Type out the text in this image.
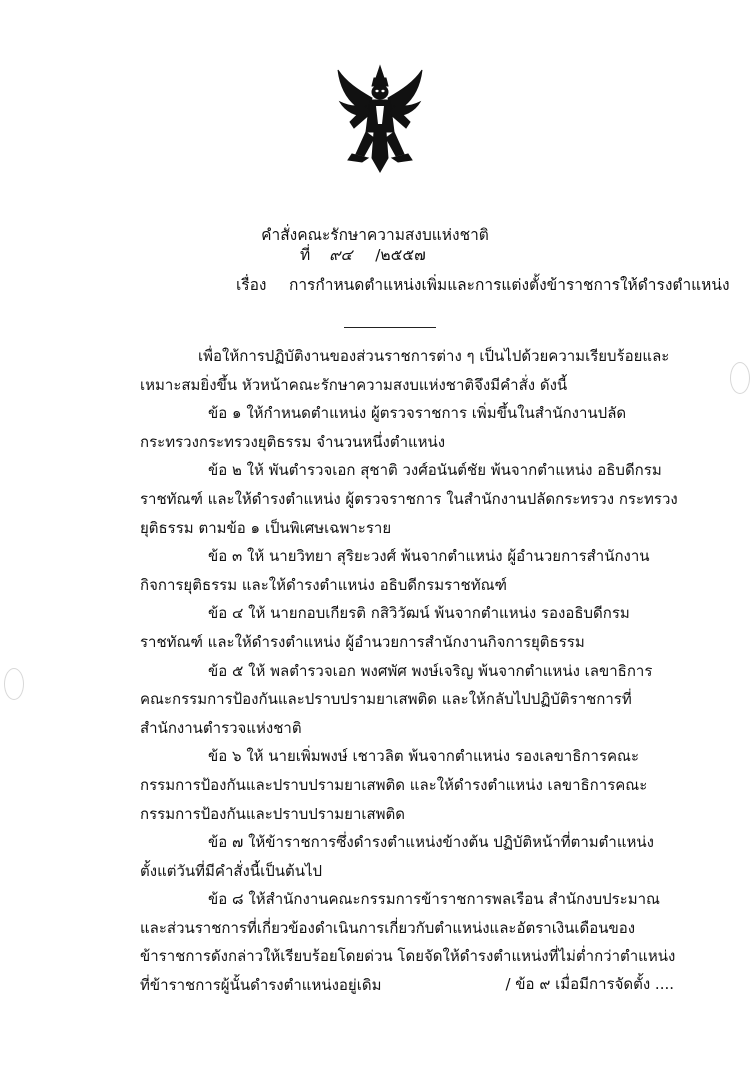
คำสั่งคณะรักษาความสงบแห่งชาติ
ที่ ๙๔ /๒๕๕๗
เรื่อง การกำหนดตำแหน่งเพิ่มและการแต่งตั้งข้าราชการให้ดำรงตำแหน่ง

เพื่อให้การปฏิบัติงานของส่วนราชการต่าง ๆ เป็นไปด้วยความเรียบร้อยและเหมาะสมยิ่งขึ้น หัวหน้าคณะรักษาความสงบแห่งชาติจึงมีคำสั่ง ดังนี้

ข้อ ๑ ให้กำหนดตำแหน่ง ผู้ตรวจราชการ เพิ่มขึ้นในสำนักงานปลัดกระทรวงกระทรวงยุติธรรม จำนวนหนึ่งตำแหน่ง

ข้อ ๒ ให้ พันตำรวจเอก สุชาติ วงศ์อนันต์ชัย พ้นจากตำแหน่ง อธิบดีกรมราชทัณฑ์ และให้ดำรงตำแหน่ง ผู้ตรวจราชการ ในสำนักงานปลัดกระทรวง กระทรวงยุติธรรม ตามข้อ ๑ เป็นพิเศษเฉพาะราย

ข้อ ๓ ให้ นายวิทยา สุริยะวงศ์ พ้นจากตำแหน่ง ผู้อำนวยการสำนักงานกิจการยุติธรรม และให้ดำรงตำแหน่ง อธิบดีกรมราชทัณฑ์

ข้อ ๔ ให้ นายกอบเกียรติ กสิวิวัฒน์ พ้นจากตำแหน่ง รองอธิบดีกรมราชทัณฑ์ และให้ดำรงตำแหน่ง ผู้อำนวยการสำนักงานกิจการยุติธรรม

ข้อ ๕ ให้ พลตำรวจเอก พงศพัศ พงษ์เจริญ พ้นจากตำแหน่ง เลขาธิการคณะกรรมการป้องกันและปราบปรามยาเสพติด และให้กลับไปปฏิบัติราชการที่สำนักงานตำรวจแห่งชาติ

ข้อ ๖ ให้ นายเพิ่มพงษ์ เชาวลิต พ้นจากตำแหน่ง รองเลขาธิการคณะกรรมการป้องกันและปราบปรามยาเสพติด และให้ดำรงตำแหน่ง เลขาธิการคณะกรรมการป้องกันและปราบปรามยาเสพติด

ข้อ ๗ ให้ข้าราชการซึ่งดำรงตำแหน่งข้างต้น ปฏิบัติหน้าที่ตามตำแหน่งตั้งแต่วันที่มีคำสั่งนี้เป็นต้นไป

ข้อ ๘ ให้สำนักงานคณะกรรมการข้าราชการพลเรือน สำนักงบประมาณ และส่วนราชการที่เกี่ยวข้องดำเนินการเกี่ยวกับตำแหน่งและอัตราเงินเดือนของข้าราชการดังกล่าวให้เรียบร้อยโดยด่วน โดยจัดให้ดำรงตำแหน่งที่ไม่ต่ำกว่าตำแหน่งที่ข้าราชการผู้นั้นดำรงตำแหน่งอยู่เดิม	/ ข้อ ๙ เมื่อมีการจัดตั้ง ....
